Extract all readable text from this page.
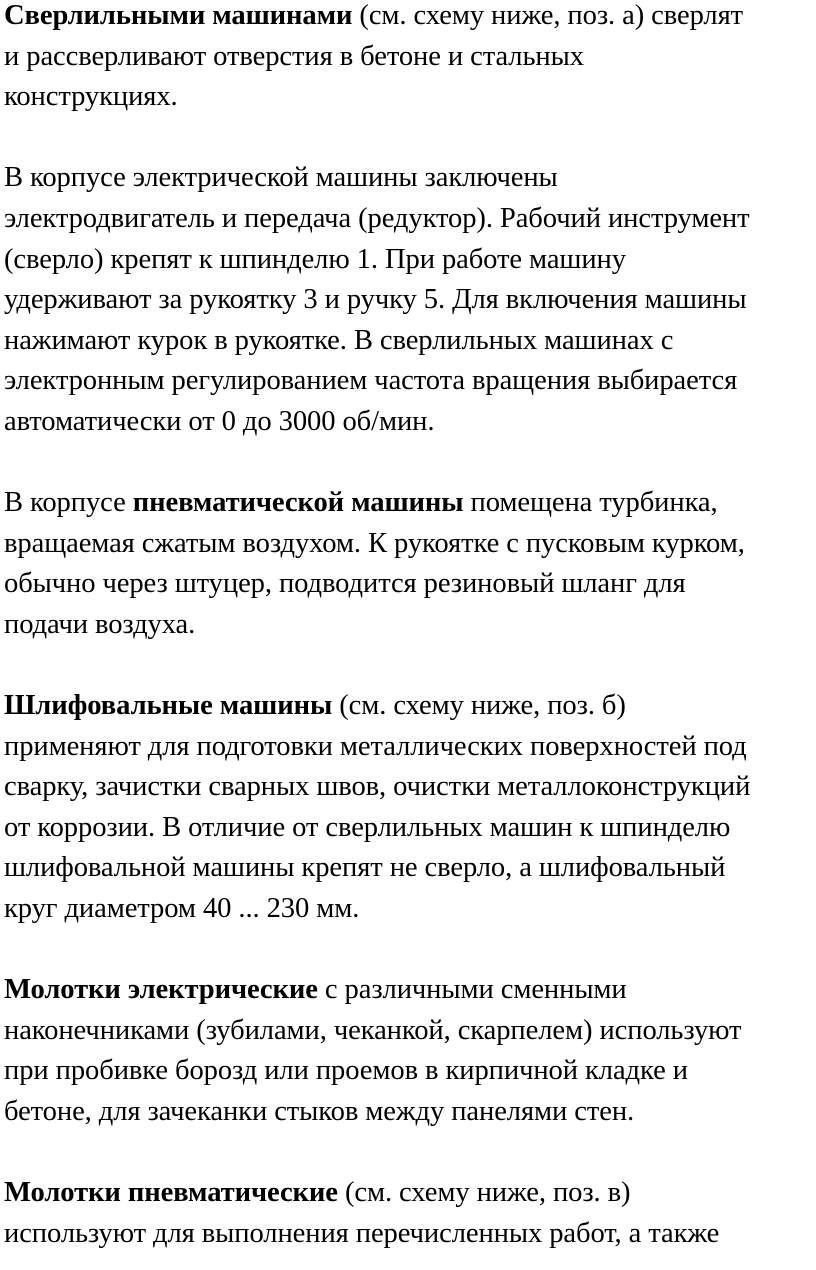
Сверлильными машинами (см. схему ниже, поз. а) сверлят
и рассверливают отверстия в бетоне и стальных
конструкциях.
В корпусе электрической машины заключены
электродвигатель и передача (редуктор). Рабочий инструмент
(сверло) крепят к шпинделю 1. При работе машину
удерживают за рукоятку 3 и ручку 5. Для включения машины
нажимают курок в рукоятке. В сверлильных машинах с
электронным регулированием частота вращения выбирается
автоматически от 0 до 3000 об/мин.
В корпусе пневматической машины помещена турбинка,
вращаемая сжатым воздухом. К рукоятке с пусковым курком,
обычно через штуцер, подводится резиновый шланг для
подачи воздуха.
Шлифовальные машины (см. схему ниже, поз. б)
применяют для подготовки металлических поверхностей под
сварку, зачистки сварных швов, очистки металлоконструкций
от коррозии. В отличие от сверлильных машин к шпинделю
шлифовальной машины крепят не сверло, а шлифовальный
круг диаметром 40 ... 230 мм.
Молотки электрические с различными сменными
наконечниками (зубилами, чеканкой, скарпелем) используют
при пробивке борозд или проемов в кирпичной кладке и
бетоне, для зачеканки стыков между панелями стен.
Молотки пневматические (см. схему ниже, поз. в)
используют для выполнения перечисленных работ, а также
